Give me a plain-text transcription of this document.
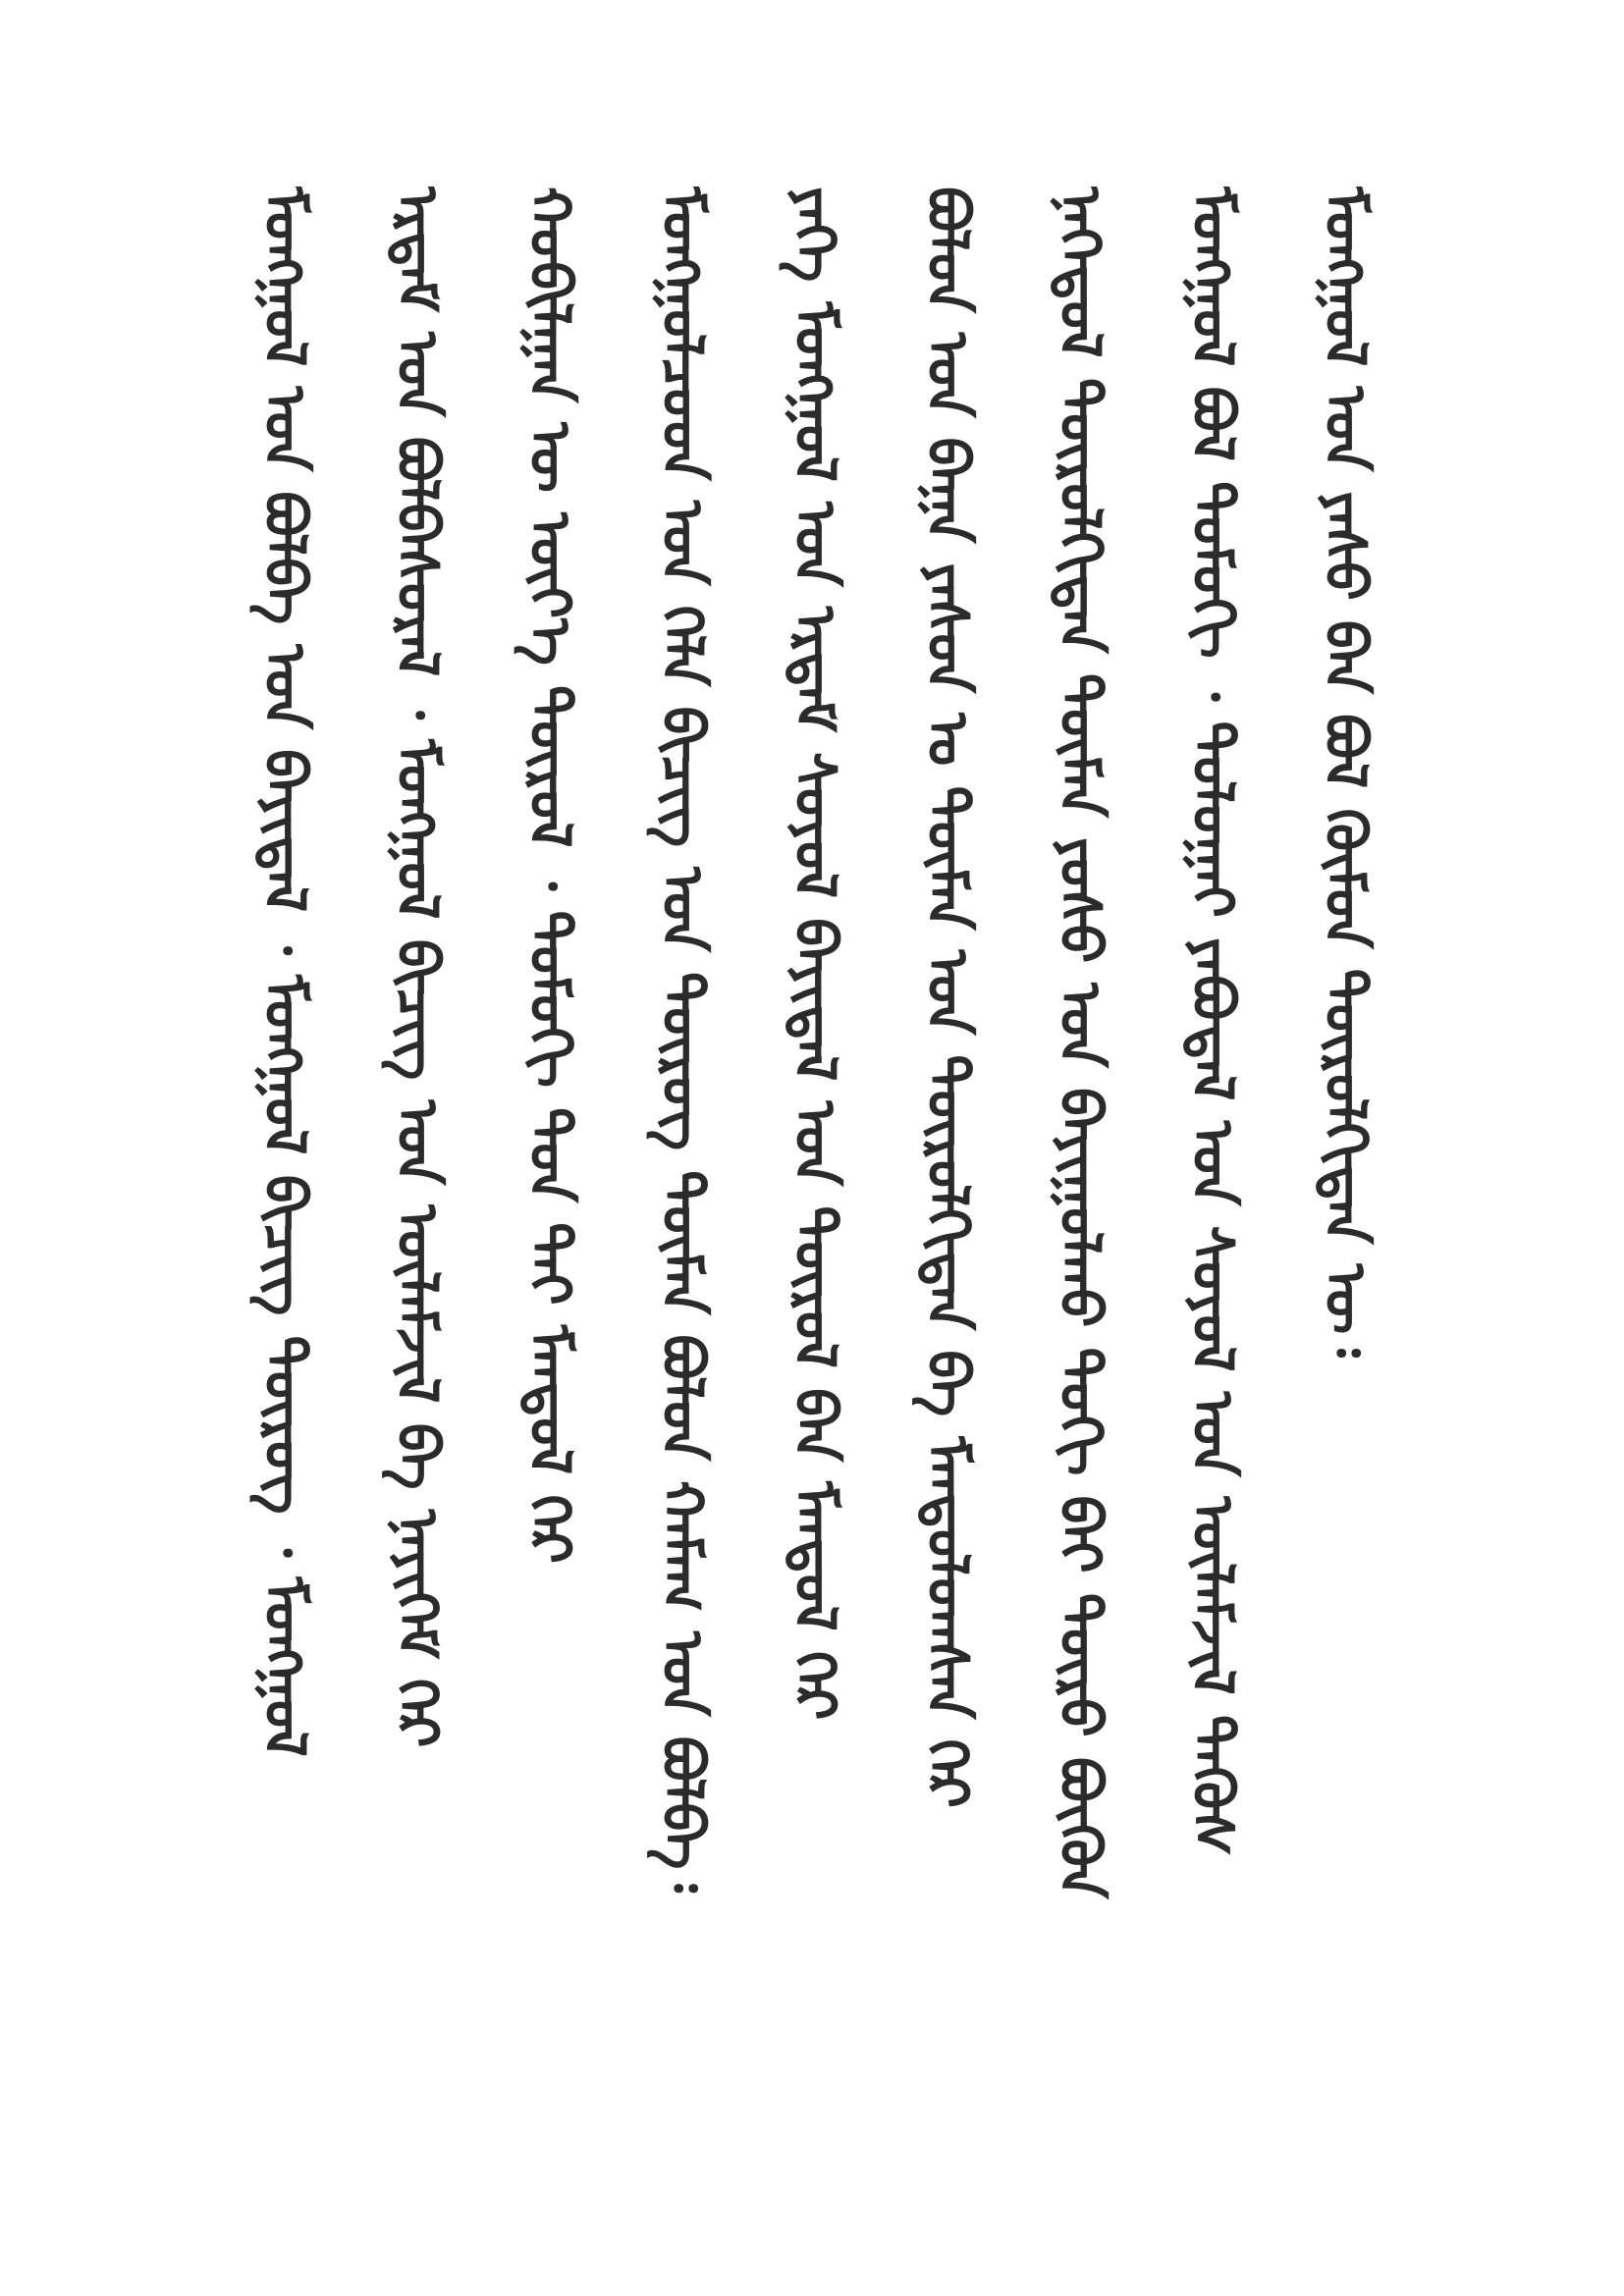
ᠮᠣᠩᠭᠣᠯ ᠤᠨ ᠶᠠᠰᠤ ᠪᠠᠨ ᠪᠣᠯ ᠬᠦᠮᠦᠨ ᠲᠥᠷᠦᠯᠬᠢᠲᠡᠨ ᠦ᠄
ᠮᠣᠩᠭᠣᠯ ᠪᠣᠯ ᠲᠣᠮᠣᠬᠢ ᠂ ᠲᠣᠯᠣᠭᠠᠢ ᠶᠠᠪᠤᠳᠠᠯ ᠤᠨ ᠰᠣᠶᠣᠯ ᠤᠨ ᠦᠯᠡᠮᠵᠢᠯ ᠲᠡᠭᠦᠰ
ᠨᠡᠭᠡᠳᠦᠯ ᠲᠥᠷᠦᠯᠬᠢᠲᠡᠨ ᠲᠦᠮᠡᠨ ᠶᠣᠰᠣ ᠤᠨ ᠪᠠᠶᠢᠭᠤᠯᠬᠤ ᠲᠣᠬᠢ ᠪᠠᠢ ᠲᠥᠷᠦ ᠪᠦᠬᠦᠨ
ᠪᠣᠯᠣᠨ ᠤᠨ ᠪᠠᠭᠠ ᠶᠠᠰᠤᠨ ᠤ ᠲᠦᠮᠡᠨ ᠤᠨ ᠲᠥᠷᠦᠯᠬᠢᠲᠡᠨ ᠪᠠ ᠮᠠᠨᠳᠤᠯᠤᠭᠰᠠᠨ ᠬᠡᠷ
ᠶᠡᠬᠡ ᠮᠣᠩᠭᠣᠯ ᠤᠨ ᠡᠷᠳᠡᠮ ᠰᠣᠶᠣᠯ ᠪᠠᠶᠢᠳᠠᠯ ᠤᠨ ᠲᠥᠷᠦᠯ ᠪᠠᠨ ᠮᠠᠨᠳᠤᠯ ᠬᠡᠷ
ᠮᠣᠩᠭᠣᠯᠴᠤᠳ ᠤᠨ ᠬᠡᠯᠡ ᠪᠢᠴᠢᠭ ᠤᠨ ᠲᠦᠷᠦᠭ ᠲᠦᠮᠡᠨ ᠪᠣᠯᠣᠨ ᠬᠠᠮᠠᠭ ᠤᠨ ᠪᠣᠯᠪᠠ᠄
ᠬᠤᠪᠢᠯᠭᠠᠨ ᠦ ᠦᠶ᠎ᠡ ᠲᠥᠷᠦᠯ ᠂ ᠲᠣᠮᠣᠬᠢ ᠳᠣᠨ ᠲᠠᠢ ᠮᠠᠨᠳᠤᠯ ᠬᠡᠷ
ᠡᠷᠳᠡᠮ ᠤᠨ ᠪᠣᠯᠪᠠᠰᠤᠷᠠᠯ ᠂ ᠮᠣᠩᠭᠣᠯ ᠪᠢᠴᠢᠭ ᠤᠨ ᠦᠯᠡᠮᠵᠢᠯ ᠪᠠ ᠨᠡᠶᠢᠭᠡᠮ ᠬᠡᠷ
ᠮᠣᠩᠭᠣᠯ ᠤᠨ ᠪᠣᠯᠪᠠ ᠤᠨ ᠪᠠᠶᠢᠳᠠᠯ ᠂ ᠮᠣᠩᠭᠣᠯ ᠪᠢᠴᠢᠭ ᠲᠦᠷᠦᠭ ᠂ ᠮᠣᠩᠭᠣᠯ
